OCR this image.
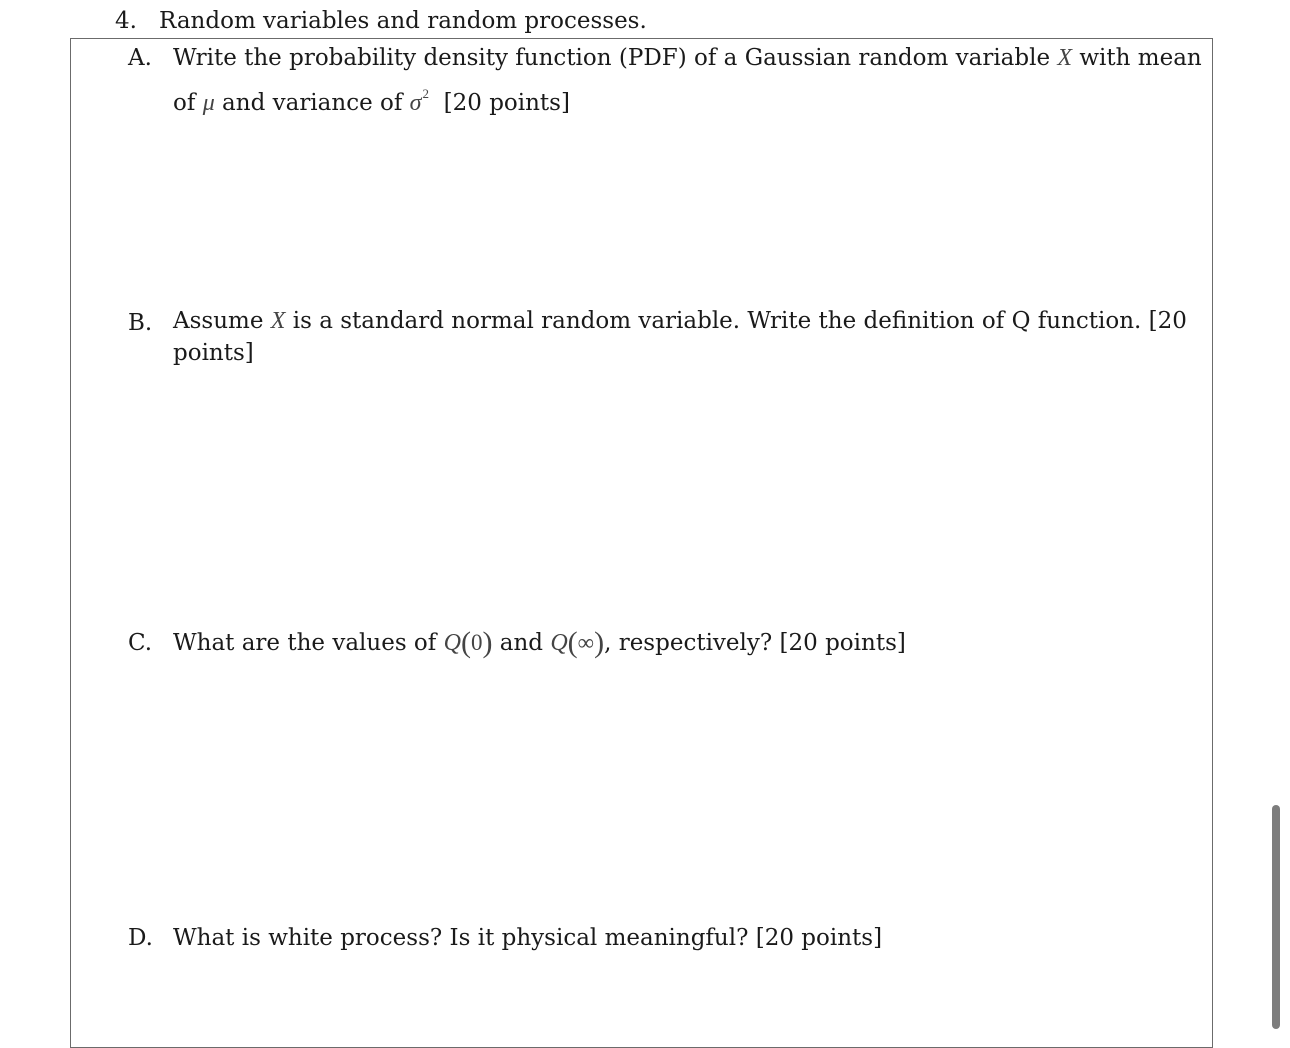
4. Random variables and random processes.
A. Write the probability density function (PDF) of a Gaussian random variable X with mean of μ and variance of $\sigma^2$ [20 points]
B. Assume X is a standard normal random variable. Write the definition of Q function. [20 points]
C. What are the values of Q(0) and Q(∞), respectively? [20 points]
D. What is white process? Is it physical meaningful? [20 points]
